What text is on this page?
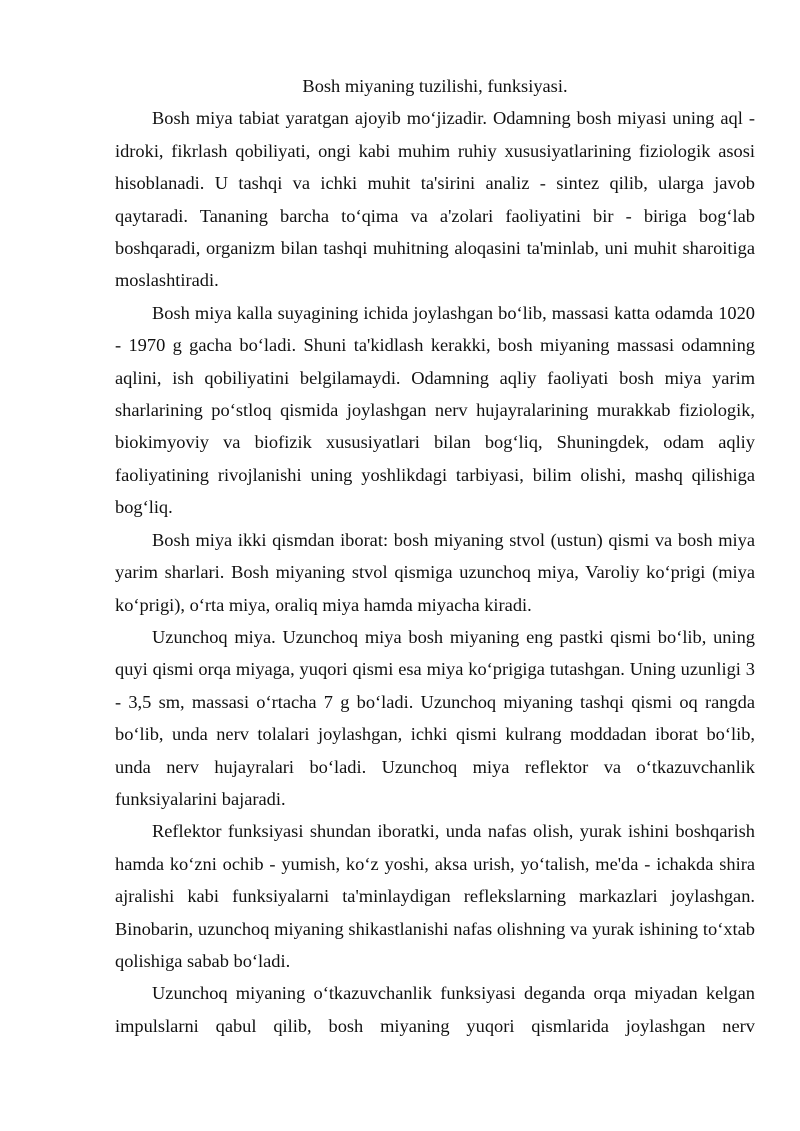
Bosh miyaning tuzilishi, funksiyasi.

Bosh miya tabiat yaratgan ajoyib mo‘jizadir. Odamning bosh miyasi uning aql - idroki, fikrlash qobiliyati, ongi kabi muhim ruhiy xususiyatlarining fiziologik asosi hisoblanadi. U tashqi va ichki muhit ta'sirini analiz - sintez qilib, ularga javob qaytaradi. Tananing barcha to‘qima va a'zolari faoliyatini bir - biriga bog‘lab boshqaradi, organizm bilan tashqi muhitning aloqasini ta'minlab, uni muhit sharoitiga moslashtiradi.

Bosh miya kalla suyagining ichida joylashgan bo‘lib, massasi katta odamda 1020 - 1970 g gacha bo‘ladi. Shuni ta'kidlash kerakki, bosh miyaning massasi odamning aqlini, ish qobiliyatini belgilamaydi. Odamning aqliy faoliyati bosh miya yarim sharlarining po‘stloq qismida joylashgan nerv hujayralarining murakkab fiziologik, biokimyoviy va biofizik xususiyatlari bilan bog‘liq, Shuningdek, odam aqliy faoliyatining rivojlanishi uning yoshlikdagi tarbiyasi, bilim olishi, mashq qilishiga bog‘liq.

Bosh miya ikki qismdan iborat: bosh miyaning stvol (ustun) qismi va bosh miya yarim sharlari. Bosh miyaning stvol qismiga uzunchoq miya, Varoliy ko‘prigi (miya ko‘prigi), o‘rta miya, oraliq miya hamda miyacha kiradi.

Uzunchoq miya. Uzunchoq miya bosh miyaning eng pastki qismi bo‘lib, uning quyi qismi orqa miyaga, yuqori qismi esa miya ko‘prigiga tutashgan. Uning uzunligi 3 - 3,5 sm, massasi o‘rtacha 7 g bo‘ladi. Uzunchoq miyaning tashqi qismi oq rangda bo‘lib, unda nerv tolalari joylashgan, ichki qismi kulrang moddadan iborat bo‘lib, unda nerv hujayralari bo‘ladi. Uzunchoq miya reflektor va o‘tkazuvchanlik funksiyalarini bajaradi.

Reflektor funksiyasi shundan iboratki, unda nafas olish, yurak ishini boshqarish hamda ko‘zni ochib - yumish, ko‘z yoshi, aksa urish, yo‘talish, me'da - ichakda shira ajralishi kabi funksiyalarni ta'minlaydigan reflekslarning markazlari joylashgan. Binobarin, uzunchoq miyaning shikastlanishi nafas olishning va yurak ishining to‘xtab qolishiga sabab bo‘ladi.

Uzunchoq miyaning o‘tkazuvchanlik funksiyasi deganda orqa miyadan kelgan impulslarni qabul qilib, bosh miyaning yuqori qismlarida joylashgan nerv
